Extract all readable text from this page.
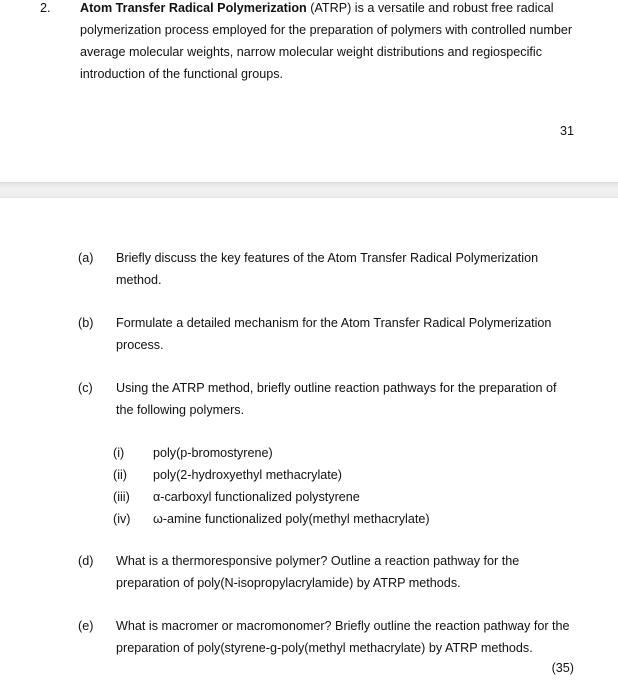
2. Atom Transfer Radical Polymerization (ATRP) is a versatile and robust free radical polymerization process employed for the preparation of polymers with controlled number average molecular weights, narrow molecular weight distributions and regiospecific introduction of the functional groups.
31
(a)	Briefly discuss the key features of the Atom Transfer Radical Polymerization method.
(b)	Formulate a detailed mechanism for the Atom Transfer Radical Polymerization process.
(c)	Using the ATRP method, briefly outline reaction pathways for the preparation of the following polymers.
(i)	poly(p-bromostyrene)
(ii)	poly(2-hydroxyethyl methacrylate)
(iii)	α-carboxyl functionalized polystyrene
(iv)	ω-amine functionalized poly(methyl methacrylate)
(d)	What is a thermoresponsive polymer? Outline a reaction pathway for the preparation of poly(N-isopropylacrylamide) by ATRP methods.
(e)	What is macromer or macromonomer? Briefly outline the reaction pathway for the preparation of poly(styrene-g-poly(methyl methacrylate) by ATRP methods.
(35)
